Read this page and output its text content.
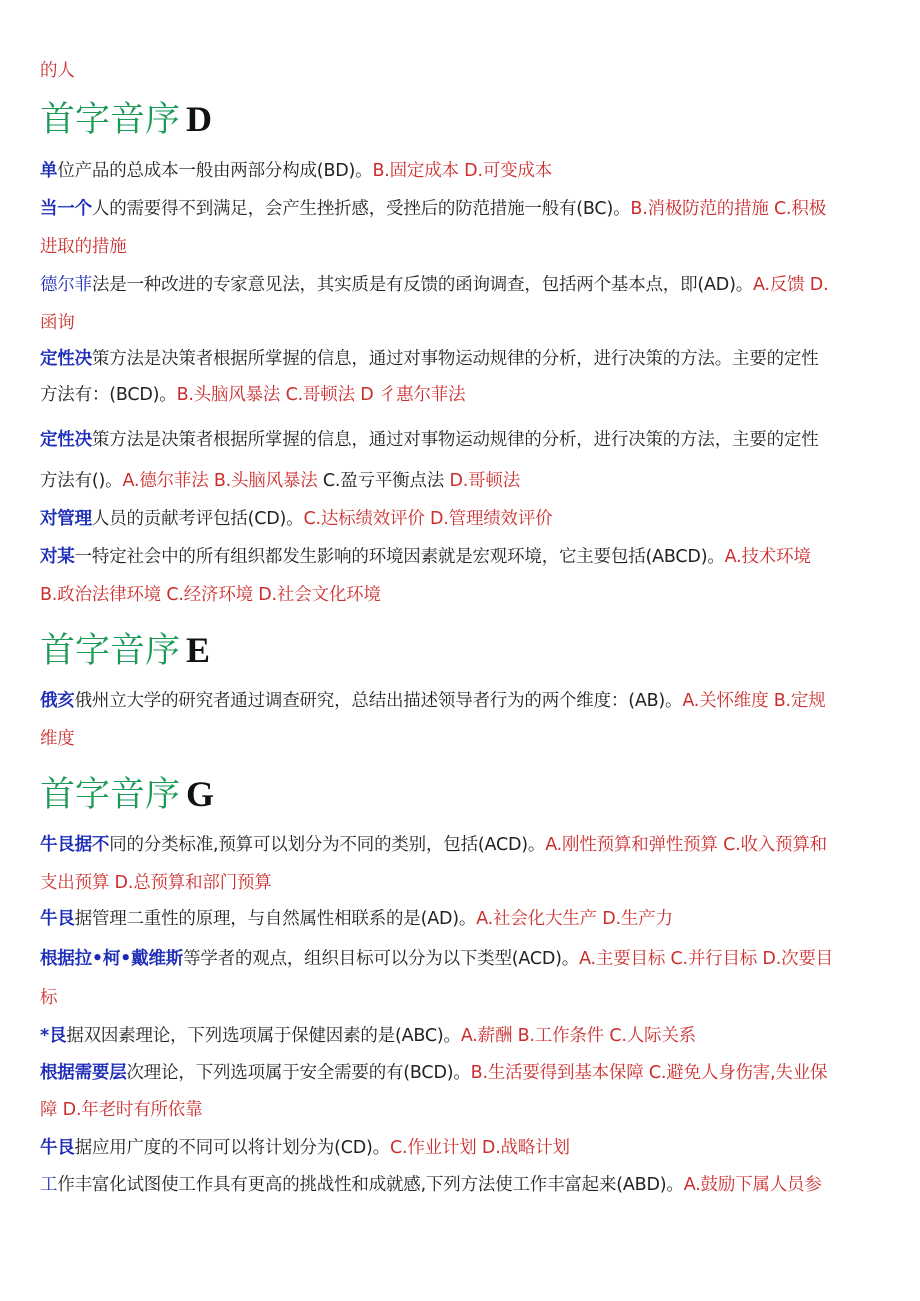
的人
首字音序 D
单位产品的总成本一般由两部分构成(BD)。B.固定成本 D.可变成本
当一个人的需要得不到满足，会产生挫折感，受挫后的防范措施一般有(BC)。B.消极防范的措施 C.积极
进取的措施
德尔菲法是一种改进的专家意见法，其实质是有反馈的函询调查，包括两个基本点，即(AD)。A.反馈 D.
函询
定性决策方法是决策者根据所掌握的信息，通过对事物运动规律的分析，进行决策的方法。主要的定性
方法有：(BCD)。B.头脑风暴法 C.哥顿法 D 彳惠尔菲法
定性决策方法是决策者根据所掌握的信息，通过对事物运动规律的分析，进行决策的方法，主要的定性
方法有()。A.德尔菲法 B.头脑风暴法 C.盈亏平衡点法 D.哥顿法
对管理人员的贡献考评包括(CD)。C.达标绩效评价 D.管理绩效评价
对某一特定社会中的所有组织都发生影响的环境因素就是宏观环境，它主要包括(ABCD)。A.技术环境
B.政治法律环境 C.经济环境 D.社会文化环境
首字音序 E
俄亥俄州立大学的研究者通过调查研究，总结出描述领导者行为的两个维度：(AB)。A.关怀维度 B.定规
维度
首字音序 G
牛艮据不同的分类标准,预算可以划分为不同的类别，包括(ACD)。A.刚性预算和弹性预算 C.收入预算和
支出预算 D.总预算和部门预算
牛艮据管理二重性的原理，与自然属性相联系的是(AD)。A.社会化大生产 D.生产力
根据拉•柯•戴维斯等学者的观点，组织目标可以分为以下类型(ACD)。A.主要目标 C.并行目标 D.次要目
标
*艮据双因素理论，下列选项属于保健因素的是(ABC)。A.薪酬 B.工作条件 C.人际关系
根据需要层次理论，下列选项属于安全需要的有(BCD)。B.生活要得到基本保障 C.避免人身伤害,失业保
障 D.年老时有所依靠
牛艮据应用广度的不同可以将计划分为(CD)。C.作业计划 D.战略计划
工作丰富化试图使工作具有更高的挑战性和成就感,下列方法使工作丰富起来(ABD)。A.鼓励下属人员参
